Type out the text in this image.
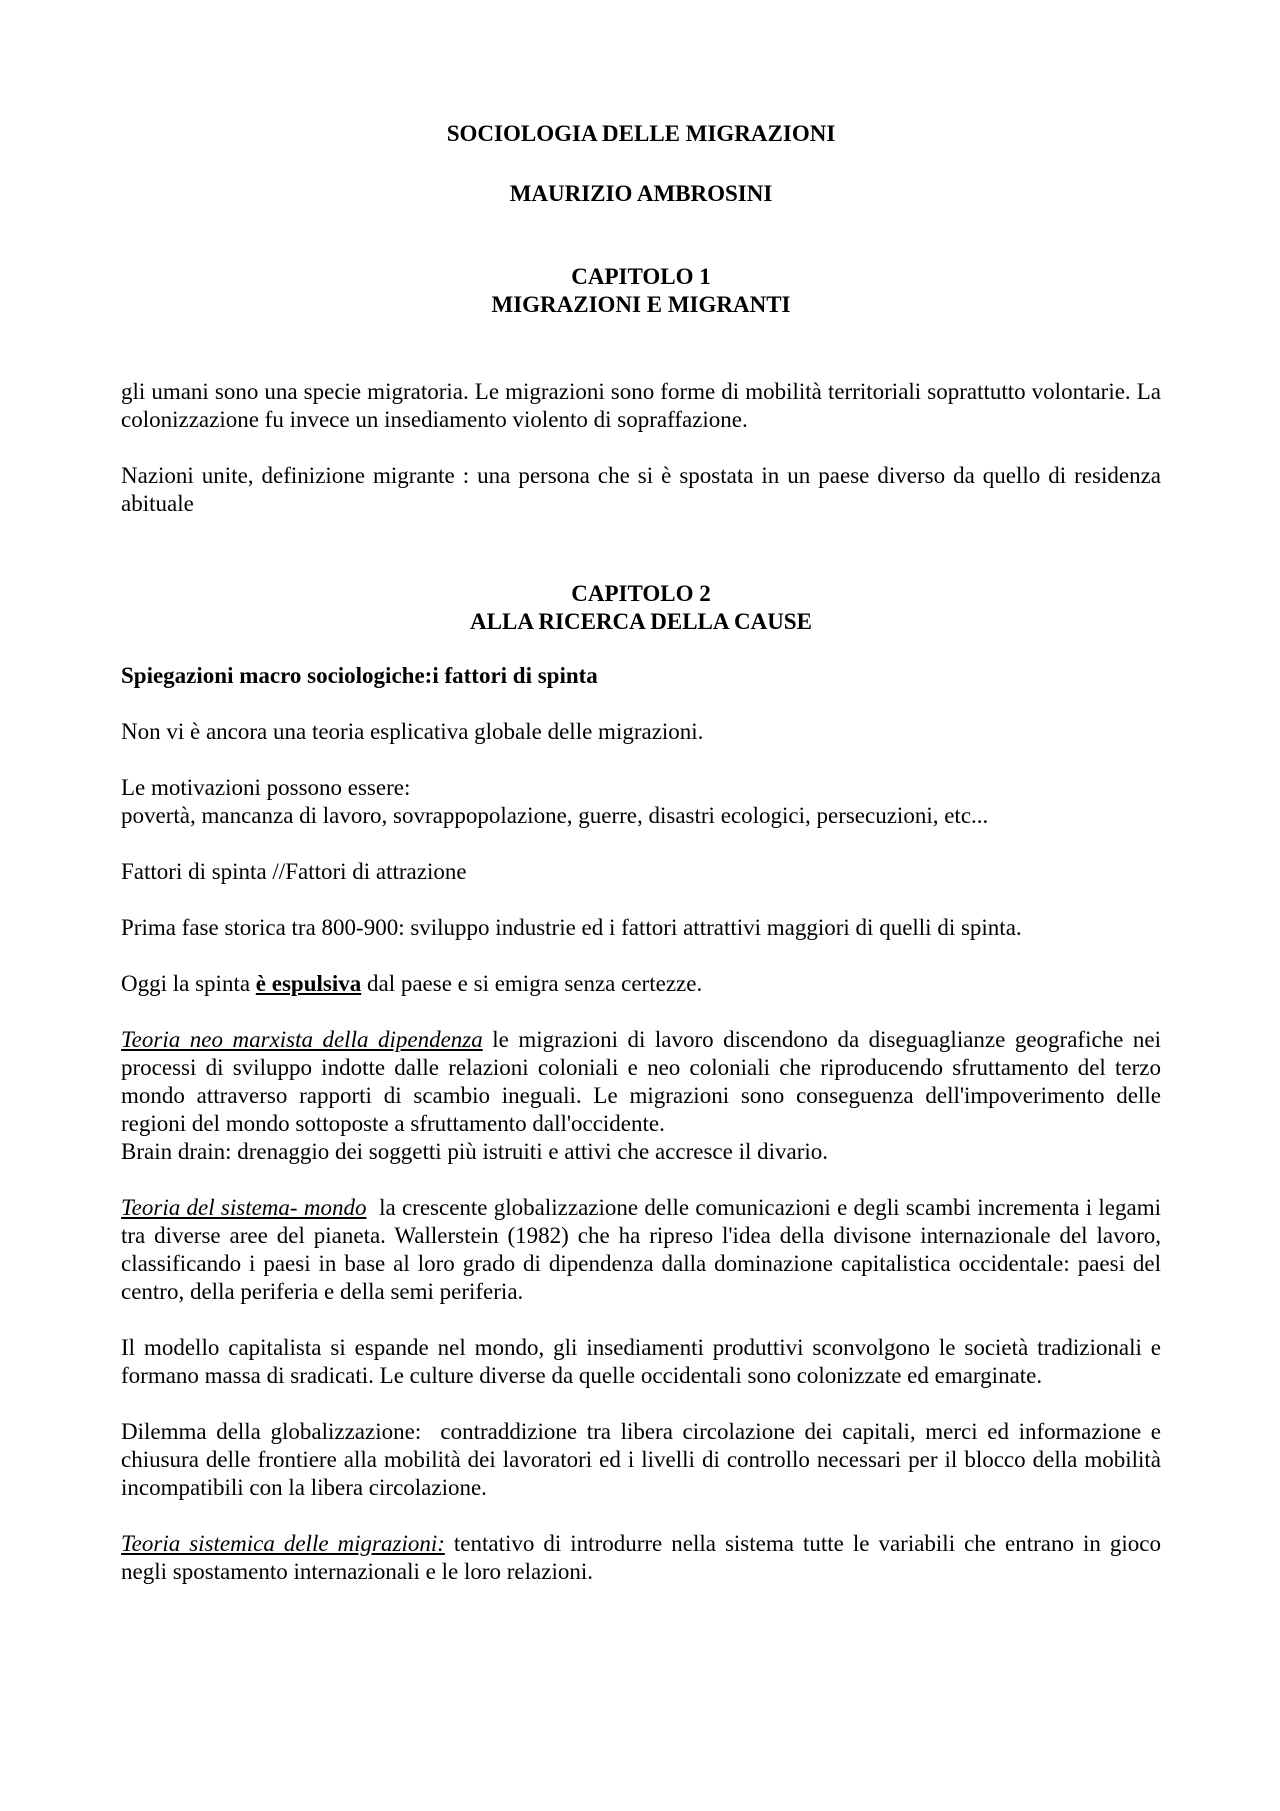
SOCIOLOGIA DELLE MIGRAZIONI

MAURIZIO AMBROSINI

CAPITOLO 1

MIGRAZIONI E MIGRANTI

gli umani sono una specie migratoria. Le migrazioni sono forme di mobilità territoriali soprattutto volontarie. La colonizzazione fu invece un insediamento violento di sopraffazione.

Nazioni unite, definizione migrante : una persona che si è spostata in un paese diverso da quello di residenza abituale

CAPITOLO 2

ALLA RICERCA DELLA CAUSE

Spiegazioni macro sociologiche:i fattori di spinta

Non vi è ancora una teoria esplicativa globale delle migrazioni.

Le motivazioni possono essere:

povertà, mancanza di lavoro, sovrappopolazione, guerre, disastri ecologici, persecuzioni, etc...

Fattori di spinta //Fattori di attrazione

Prima fase storica tra 800-900: sviluppo industrie ed i fattori attrattivi maggiori di quelli di spinta.

Oggi la spinta è espulsiva dal paese e si emigra senza certezze.

Teoria neo marxista della dipendenza le migrazioni di lavoro discendono da diseguaglianze geografiche nei processi di sviluppo indotte dalle relazioni coloniali e neo coloniali che riproducendo sfruttamento del terzo mondo attraverso rapporti di scambio ineguali. Le migrazioni sono conseguenza dell'impoverimento delle regioni del mondo sottoposte a sfruttamento dall'occidente.

Brain drain: drenaggio dei soggetti più istruiti e attivi che accresce il divario.

Teoria del sistema- mondo  la crescente globalizzazione delle comunicazioni e degli scambi incrementa i legami tra diverse aree del pianeta. Wallerstein (1982) che ha ripreso l'idea della divisone internazionale del lavoro, classificando i paesi in base al loro grado di dipendenza dalla dominazione capitalistica occidentale: paesi del centro, della periferia e della semi periferia.

Il modello capitalista si espande nel mondo, gli insediamenti produttivi sconvolgono le società tradizionali e formano massa di sradicati. Le culture diverse da quelle occidentali sono colonizzate ed emarginate.

Dilemma della globalizzazione:  contraddizione tra libera circolazione dei capitali, merci ed informazione e chiusura delle frontiere alla mobilità dei lavoratori ed i livelli di controllo necessari per il blocco della mobilità incompatibili con la libera circolazione.

Teoria sistemica delle migrazioni: tentativo di introdurre nella sistema tutte le variabili che entrano in gioco negli spostamento internazionali e le loro relazioni.
